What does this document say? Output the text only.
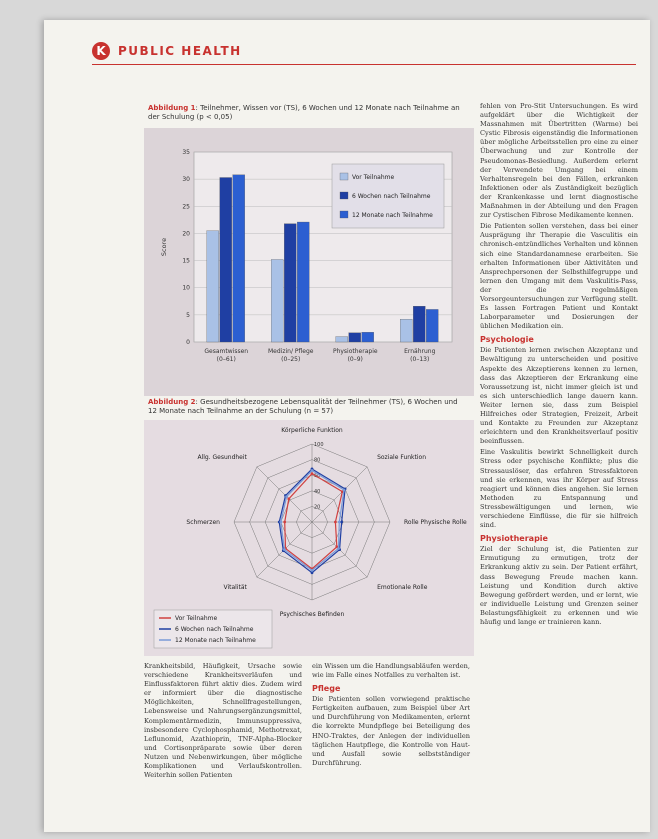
K	PUBLIC HEALTH
Abbildung 1: Teilnehmer, Wissen vor (TS), 6 Wochen und 12 Monate nach Teilnahme an der Schulung (p < 0,05)
0
5
10
15
20
25
30
35
Score
Gesamtwissen
(0–61)
Medizin/ Pflege
(0–25)
Physiotherapie
(0–9)
Ernährung
(0–13)
Vor Teilnahme
6 Wochen nach Teilnahme
12 Monate nach Teilnahme
Abbildung 2: Gesundheitsbezogene Lebensqualität der Teilnehmer (TS), 6 Wochen und 12 Monate nach Teilnahme an der Schulung (n = 57)
20
40
60
80
100
Körperliche Funktion
Soziale Funktion
Rolle Physische Rolle
Emotionale Rolle
Psychisches Befinden
Vitalität
Schmerzen
Allg. Gesundheit
Vor Teilnahme
6 Wochen nach Teilnahme
12 Monate nach Teilnahme

fehlen von Pro-Stit Untersuchungen. Es wird aufgeklärt über die Wichtigkeit der Massnahmen mit Übertritten (Warme) bei Cystic Fibrosis eigenständig die Informationen über mögliche Arbeitsstellen pro eine zu einer Überwachung und zur Kontrolle der Pseudomonas-Besiedlung. Außerdem erlernt der Verwendete Umgang bei einem Verhaltensregeln bei den Fällen, erkranken Infektionen oder als Zuständigkeit bezüglich der Krankenkasse und lernt diagnostische Maßnahmen in der Abteilung und den Fragen zur Cystischen Fibrose Medikamente kennen.

Die Patienten sollen verstehen, dass bei einer Ausprägung ihr Therapie die Vasculitis ein chronisch-entzündliches Verhalten und können sich eine Standardanamnese erarbeiten. Sie erhalten Informationen über Aktivitäten und Ansprechpersonen der Selbsthilfegruppe und lernen den Umgang mit dem Vaskulitis-Pass, der die regelmäßigen Vorsorgeuntersuchungen zur Verfügung stellt. Es lassen Fortragen Patient und Kontakt Laborparameter und Dosierungen der üblichen Medikation ein.

Psychologie

Die Patienten lernen zwischen Akzeptanz und Bewältigung zu unterscheiden und positive Aspekte des Akzeptierens kennen zu lernen, dass das Akzeptieren der Erkrankung eine Voraussetzung ist, nicht immer gleich ist und es sich unterschiedlich lange dauern kann. Weiter lernen sie, dass zum Beispiel Hilfreiches oder Strategien, Freizeit, Arbeit und Kontakte zu Freunden zur Akzeptanz erleichtern und den Krankheitsverlauf positiv beeinflussen.

Eine Vaskulitis bewirkt Schnelligkeit durch Stress oder psychische Konflikte; plus die Stressauslöser, das erfahren Stressfaktoren und sie erkennen, was ihr Körper auf Stress reagiert und können dies angehen. Sie lernen Methoden zu Entspannung und Stressbewältigungen und lernen, wie verschiedene Einflüsse, die für sie hilfreich sind.

Physiotherapie

Ziel der Schulung ist, die Patienten zur Ermutigung zu ermutigen, trotz der Erkrankung aktiv zu sein. Der Patient erfährt, dass Bewegung Freude machen kann. Leistung und Kondition durch aktive Bewegung gefördert werden, und er lernt, wie er individuelle Leistung und Grenzen seiner Belastungsfähigkeit zu erkennen und wie häufig und lange er trainieren kann.

Krankheitsbild, Häufigkeit, Ursache sowie verschiedene Krankheitsverläufen und Einflussfaktoren führt aktiv dies. Zudem wird er informiert über die diagnostische Möglichkeiten, Schnellfragestellungen, Lebensweise und Nahrungsergänzungsmittel, Komplementärmedizin, Immunsuppressiva, insbesondere Cyclophosphamid, Methotrexat, Leflunomid, Azathioprin, TNF-Alpha-Blocker und Cortisonpräparate sowie über deren Nutzen und Nebenwirkungen, über mögliche Komplikationen und Verlaufskontrollen. Weiterhin sollen Patienten

ein Wissen um die Handlungsabläufen werden, wie im Falle eines Notfalles zu verhalten ist.

Pflege

Die Patienten sollen vorwiegend praktische Fertigkeiten aufbauen, zum Beispiel über Art und Durchführung von Medikamenten, erlernt die korrekte Mundpflege bei Beteiligung des HNO-Traktes, der Anlegen der individuellen täglichen Hautpflege, die Kontrolle von Haut- und Ausfall sowie selbstständiger Durchführung.
